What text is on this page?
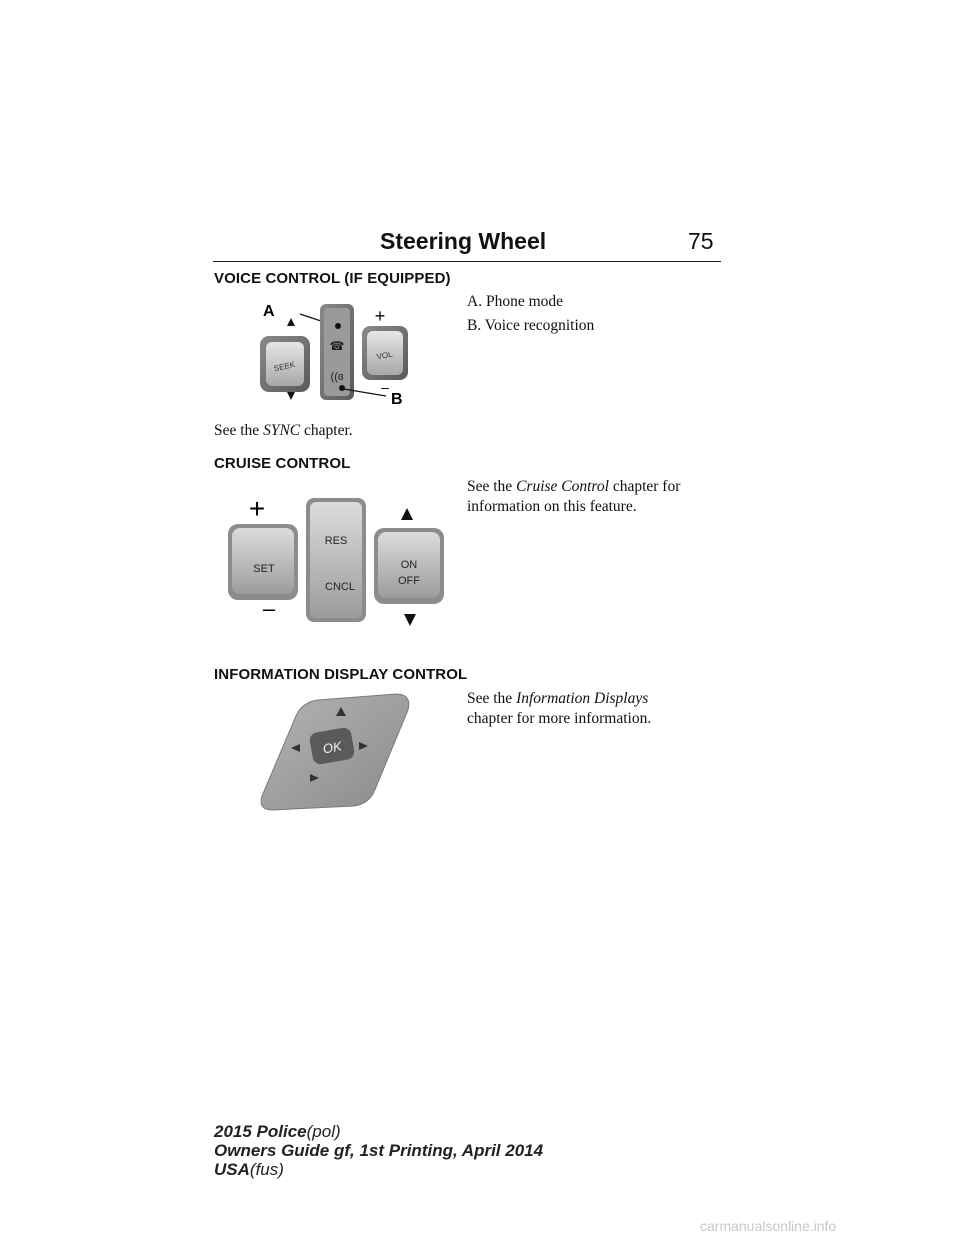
Steering Wheel	75
VOICE CONTROL (IF EQUIPPED)
A
SEEK
☎
((ɞ
B
+
VOL
–
A. Phone mode
B. Voice recognition
See the SYNC chapter.
CRUISE CONTROL
See the Cruise Control chapter for
information on this feature.
+
SET
–
RES
CNCL
ON
OFF
INFORMATION DISPLAY CONTROL
See the Information Displays
chapter for more information.
OK
2015 Police(pol)
Owners Guide gf, 1st Printing, April 2014
USA(fus)
carmanualsonline.info
